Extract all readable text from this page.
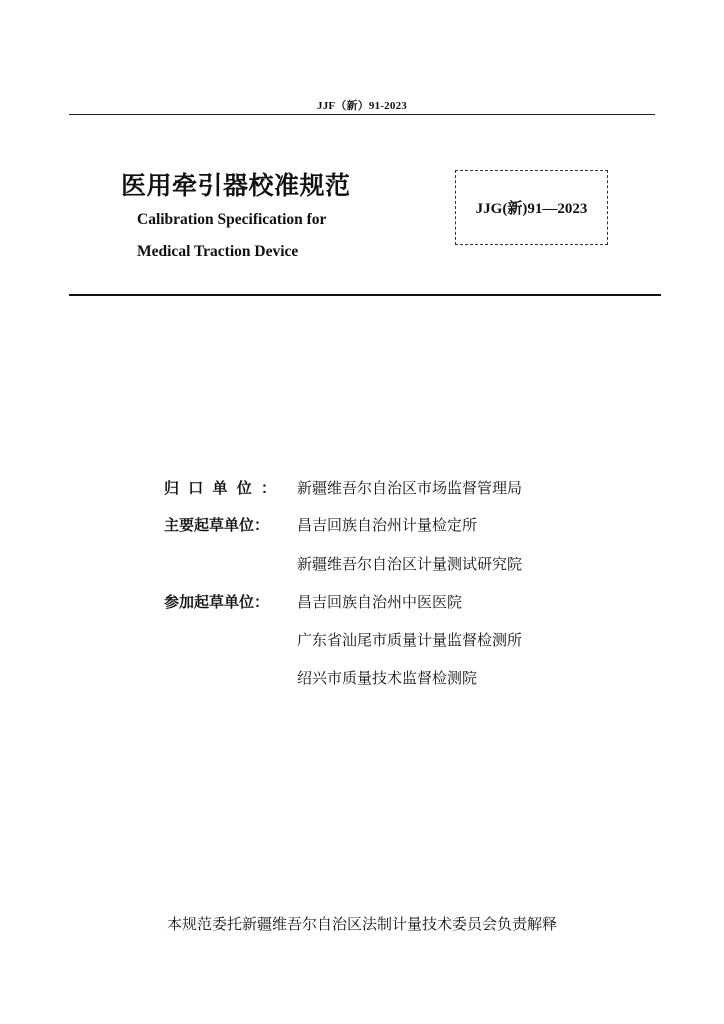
JJF（新）91-2023
医用牵引器校准规范
Calibration Specification for
Medical Traction Device
JJG(新)91—2023
归 口 单 位 ： 新疆维吾尔自治区市场监督管理局
主要起草单位：	昌吉回族自治州计量检定所
新疆维吾尔自治区计量测试研究院
参加起草单位：	昌吉回族自治州中医医院
广东省汕尾市质量计量监督检测所
绍兴市质量技术监督检测院
本规范委托新疆维吾尔自治区法制计量技术委员会负责解释
